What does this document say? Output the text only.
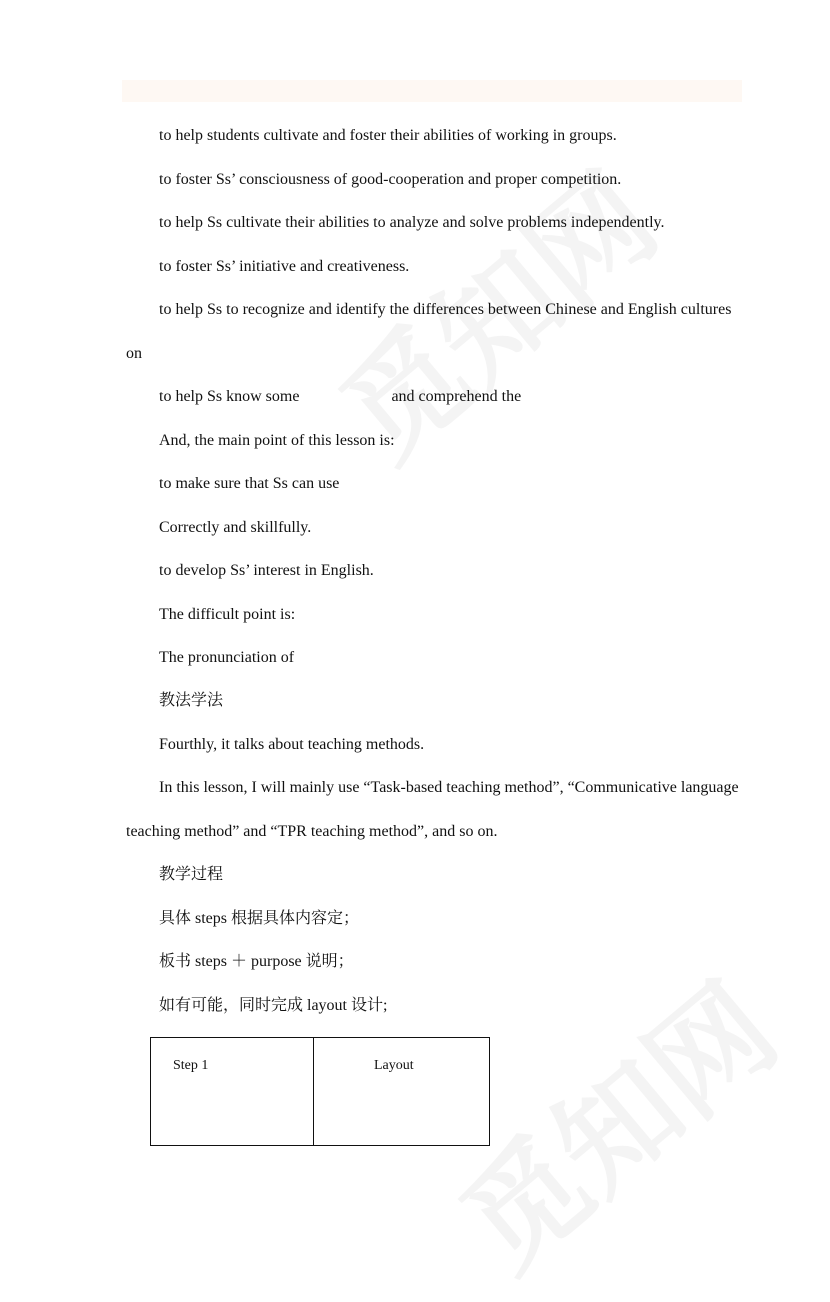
to help students cultivate and foster their abilities of working in groups.
to foster Ss’ consciousness of good-cooperation and proper competition.
to help Ss cultivate their abilities to analyze and solve problems independently.
to foster Ss’ initiative and creativeness.
to help Ss to recognize and identify the differences between Chinese and English cultures
on
to help Ss know some	and comprehend the
And, the main point of this lesson is:
to make sure that Ss can use
Correctly and skillfully.
to develop Ss’ interest in English.
The difficult point is:
The pronunciation of
教法学法
Fourthly, it talks about teaching methods.
In this lesson, I will mainly use “Task-based teaching method”, “Communicative language
teaching method” and “TPR teaching method”, and so on.
教学过程
具体 steps 根据具体内容定；
板书 steps ＋ purpose 说明；
如有可能，同时完成 layout 设计;
Step 1	Layout
